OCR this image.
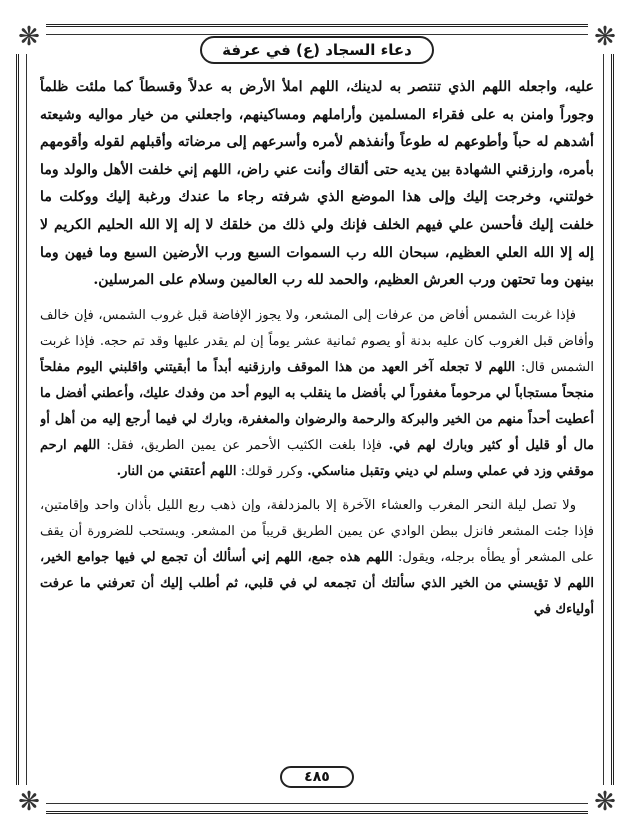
❋	❋
❋	❋
دعاء السجاد (ع) في عرفة

عليه، واجعله اللهم الذي تنتصر به لدينك، اللهم املأ الأرض به عدلاً وقسطاً كما ملئت ظلماً وجوراً وامنن به على فقراء المسلمين وأراملهم ومساكينهم، واجعلني من خيار مواليه وشيعته أشدهم له حباً وأطوعهم له طوعاً وأنفذهم لأمره وأسرعهم إلى مرضاته وأقبلهم لقوله وأقومهم بأمره، وارزقني الشهادة بين يديه حتى ألقاك وأنت عني راض، اللهم إني خلفت الأهل والولد وما خولتني، وخرجت إليك وإلى هذا الموضع الذي شرفته رجاء ما عندك ورغبة إليك ووكلت ما خلفت إليك فأحسن علي فيهم الخلف فإنك ولي ذلك من خلقك لا إله إلا الله الحليم الكريم لا إله إلا الله العلي العظيم، سبحان الله رب السموات السبع ورب الأرضين السبع وما فيهن وما بينهن وما تحتهن ورب العرش العظيم، والحمد لله رب العالمين وسلام على المرسلين.

فإذا غربت الشمس أفاض من عرفات إلى المشعر، ولا يجوز الإفاضة قبل غروب الشمس، فإن خالف وأفاض قبل الغروب كان عليه بدنة أو يصوم ثمانية عشر يوماً إن لم يقدر عليها وقد تم حجه. فإذا غربت الشمس قال: اللهم لا تجعله آخر العهد من هذا الموقف وارزقنيه أبداً ما أبقيتني واقلبني اليوم مفلحاً منجحاً مستجاباً لي مرحوماً مغفوراً لي بأفضل ما ينقلب به اليوم أحد من وفدك عليك، وأعطني أفضل ما أعطيت أحداً منهم من الخير والبركة والرحمة والرضوان والمغفرة، وبارك لي فيما أرجع إليه من أهل أو مال أو قليل أو كثير وبارك لهم في. فإذا بلغت الكثيب الأحمر عن يمين الطريق، فقل: اللهم ارحم موقفي وزد في عملي وسلم لي ديني وتقبل مناسكي. وكرر قولك: اللهم أعتقني من النار.

ولا تصل ليلة النحر المغرب والعشاء الآخرة إلا بالمزدلفة، وإن ذهب ربع الليل بأذان واحد وإقامتين، فإذا جئت المشعر فانزل ببطن الوادي عن يمين الطريق قريباً من المشعر. ويستحب للضرورة أن يقف على المشعر أو يطأه برجله، ويقول: اللهم هذه جمع، اللهم إني أسألك أن تجمع لي فيها جوامع الخير، اللهم لا تؤيسني من الخير الذي سألتك أن تجمعه لي في قلبي، ثم أطلب إليك أن تعرفني ما عرفت أولياءك في

٤٨٥
